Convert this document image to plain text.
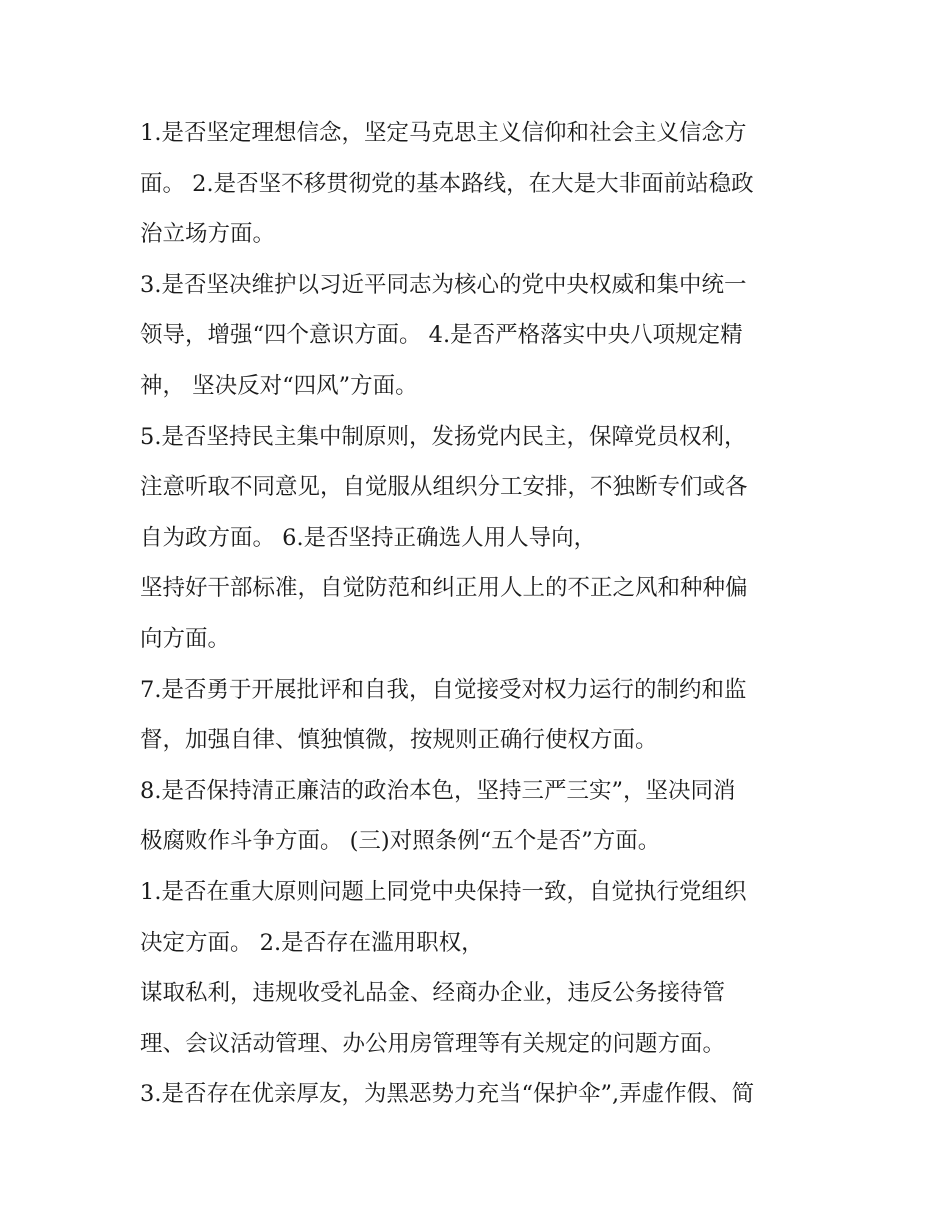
1.是否坚定理想信念，坚定马克思主义信仰和社会主义信念方
面。 2.是否坚不移贯彻党的基本路线，在大是大非面前站稳政
治立场方面。
3.是否坚决维护以习近平同志为核心的党中央权威和集中统一
领导，增强“四个意识方面。 4.是否严格落实中央八项规定精
神， 坚决反对“四风”方面。
5.是否坚持民主集中制原则，发扬党内民主，保障党员权利，
注意听取不同意见，自觉服从组织分工安排，不独断专们或各
自为政方面。 6.是否坚持正确选人用人导向，
坚持好干部标准，自觉防范和纠正用人上的不正之风和种种偏
向方面。
7.是否勇于开展批评和自我，自觉接受对权力运行的制约和监
督，加强自律、慎独慎微，按规则正确行使权方面。
8.是否保持清正廉洁的政治本色，坚持三严三实”，坚决同消
极腐败作斗争方面。 (三)对照条例“五个是否”方面。
1.是否在重大原则问题上同党中央保持一致，自觉执行党组织
决定方面。 2.是否存在滥用职权，
谋取私利，违规收受礼品金、经商办企业，违反公务接待管
理、会议活动管理、办公用房管理等有关规定的问题方面。
3.是否存在优亲厚友，为黑恶势力充当“保护伞”,弄虚作假、简
